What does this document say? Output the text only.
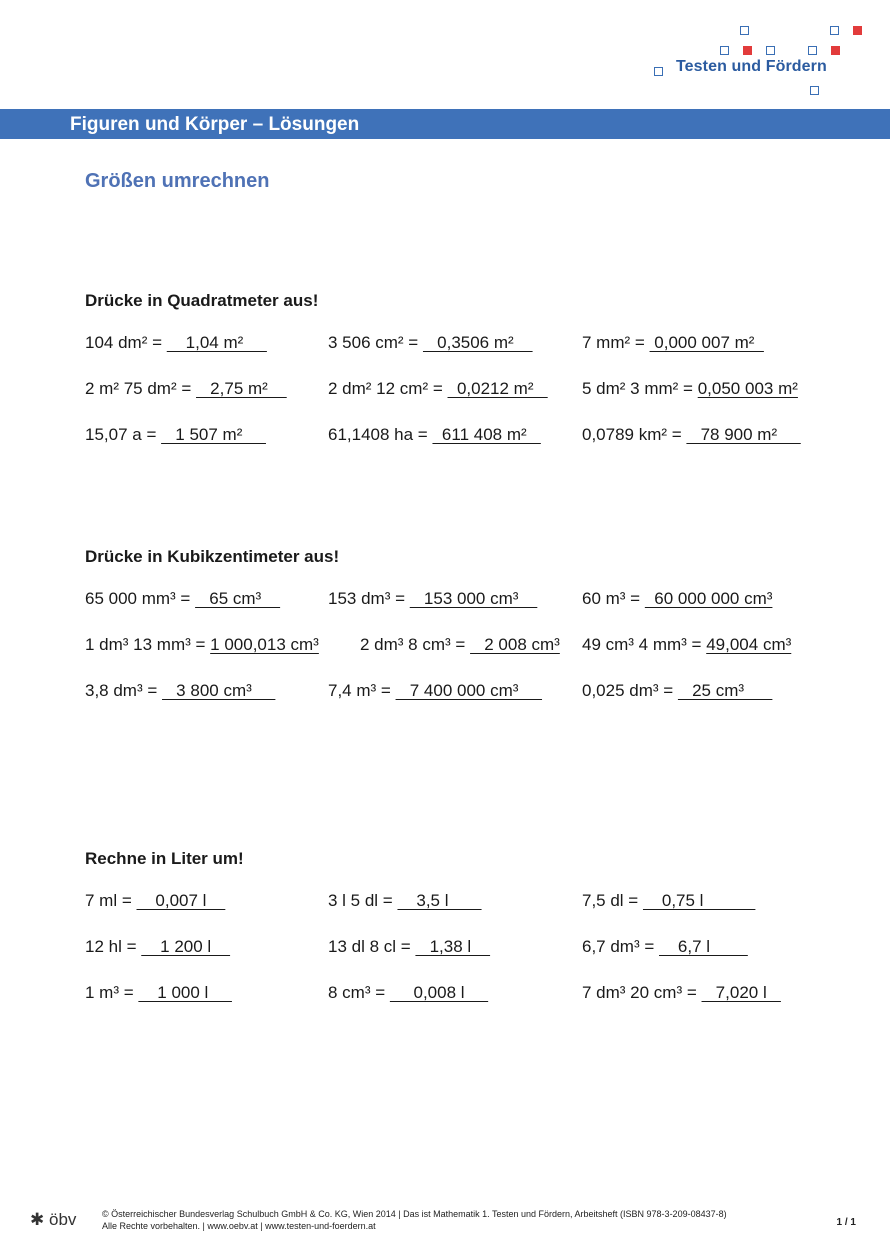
Testen und Fördern
Figuren und Körper – Lösungen
Größen umrechnen
Drücke in Quadratmeter aus!
104 dm² =     1,04 m²	3 506 cm² =    0,3506 m²	7 mm² =  0,000 007 m²
2 m² 75 dm² =    2,75 m² 2 dm² 12 cm² =   0,0212 m² 5 dm² 3 mm² = 0,050 003 m²
15,07 a =    1 507 m²	61,1408 ha =   611 408 m² 0,0789 km² =    78 900 m²
Drücke in Kubikzentimeter aus!
65 000 mm³ =    65 cm³	153 dm³ =    153 000 cm³	60 m³ =   60 000 000 cm³
1 dm³ 13 mm³ = 1 000,013 cm³ 2 dm³ 8 cm³ =    2 008 cm³ 49 cm³ 4 mm³ = 49,004 cm³
3,8 dm³ =    3 800 cm³	7,4 m³ =    7 400 000 cm³ 0,025 dm³ =    25 cm³
Rechne in Liter um!
7 ml =     0,007 l	3 l 5 dl =     3,5 l	7,5 dl =     0,75 l
12 hl =     1 200 l	13 dl 8 cl =    1,38 l	6,7 dm³ =     6,7 l
1 m³ =     1 000 l	8 cm³ =      0,008 l	7 dm³ 20 cm³ =    7,020 l
✱ öbv	© Österreichischer Bundesverlag Schulbuch GmbH & Co. KG, Wien 2014 | Das ist Mathematik 1. Testen und Fördern, Arbeitsheft (ISBN 978-3-209-08437-8)
Alle Rechte vorbehalten. | www.oebv.at | www.testen-und-foerdern.at	1 / 1
